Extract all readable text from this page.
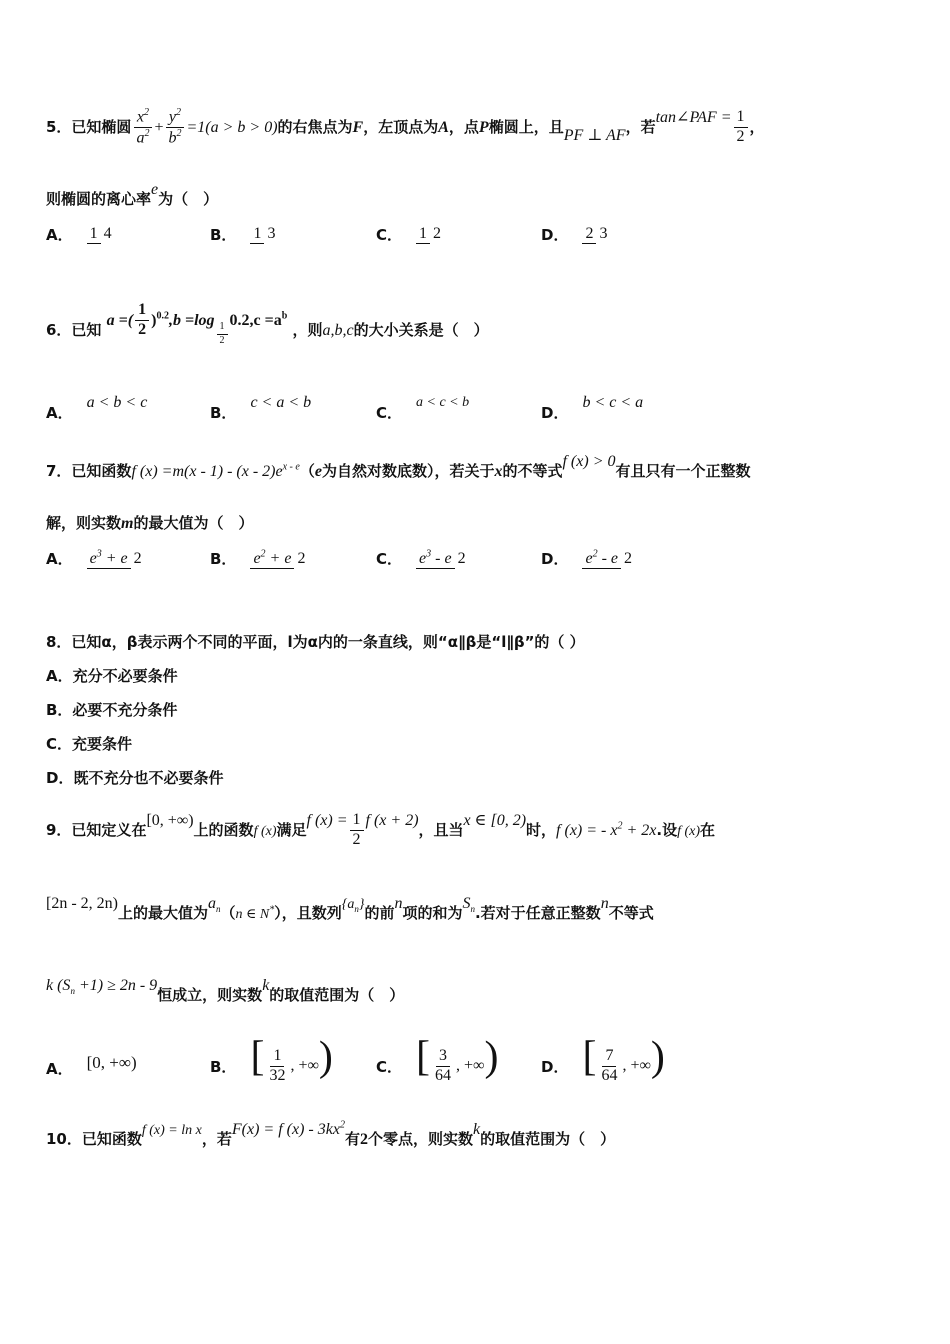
5．已知椭圆 $\frac{x^2}{a^2} + \frac{y^2}{b^2} =1(a > b > 0)$的右焦点为F，左顶点为A，点P椭圆上，且PF ⊥ AF，若tan∠PAF = $\frac{1}{2}$ ，
则椭圆的离心率e为（　）
A． 1 4	B． 1 3	C． 1 2	D． 2 3
6．已知 a =( $\frac{1}{2} )^{0.2},b =\log$
$\frac{1}{2}$
$0.2,c =a^b$ ，则a,b,c的大小关系是（　）
A．a < b < c
B．c < a < b
C．a < c < b
D．b < c < a
7．已知函数f $(x) =m(x - 1) - (x - 2)e^{x - e}(e$为自然对数底数），若关于x的不等式f (x) > 0有且只有一个正整数
解，则实数m的最大值为（　）
A． $e^3 + e$ 2	B． $e^2 + e$ 2	C． $e^3$ - e 2	D． $e^2$ - e 2
8．已知α，β表示两个不同的平面，l为α内的一条直线，则“α∥β是“l∥β”的（ ）
A．充分不必要条件
B．必要不充分条件
C．充要条件
D．既不充分也不必要条件
9．已知定义在[0, +∞)上的函数f (x)满足f $(x) = \frac{1}{2}$ f (x + 2)，且当x ∈ [0, 2)时，f (x) = - $x^2 + 2x$.设f (x)在
[2n - 2, 2n)上的最大值为$a_n(n$ ∈ N*），且数列$\{a_n\}$的前n项的和为$S_n$.若对于任意正整数n不等式
k $(S_n +1) \ge 2n - 9$恒成立，则实数k的取值范围为（　）
A． [0, +∞)	B． [ $\frac{1}{32}$ , +∞)	C． [ $\frac{3}{64}$ , +∞)	D． [ $\frac{7}{64}$ , +∞)
10．已知函数f (x) = ln x，若F(x) = f $(x) - 3kx^2$有2个零点，则实数k的取值范围为（　）
